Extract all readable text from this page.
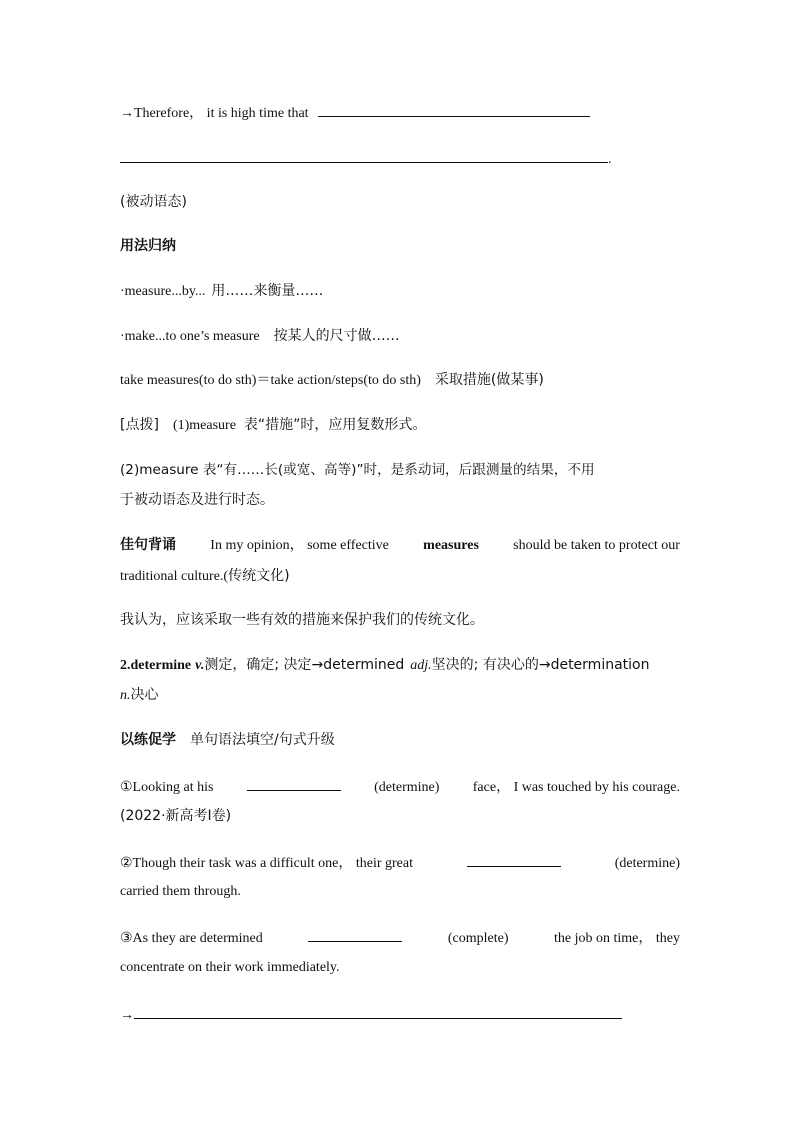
→Therefore， it is high time that
.
(被动语态)
用法归纳
·measure...by... 用……来衡量……
·make...to one’s measure 按某人的尺寸做……
take measures(to do sth)＝take action/steps(to do sth) 采取措施(做某事)
[点拨] (1)measure 表“措施”时，应用复数形式。
(2)measure 表“有……长(或宽、高等)”时，是系动词，后跟测量的结果，不用
于被动语态及进行时态。
佳句背诵 In my opinion， some effective measures should be taken to protect our
traditional culture.(传统文化)
我认为，应该采取一些有效的措施来保护我们的传统文化。
2.determine v.测定，确定; 决定→determined adj.坚决的; 有决心的→determination
n.决心
以练促学 单句语法填空/句式升级
①Looking at his	(determine) face， I was touched by his courage.
(2022·新高考Ⅰ卷)
②Though their task was a difficult one， their great	(determine)
carried them through.
③As they are determined	(complete)	the job on time， they
concentrate on their work immediately.
→
